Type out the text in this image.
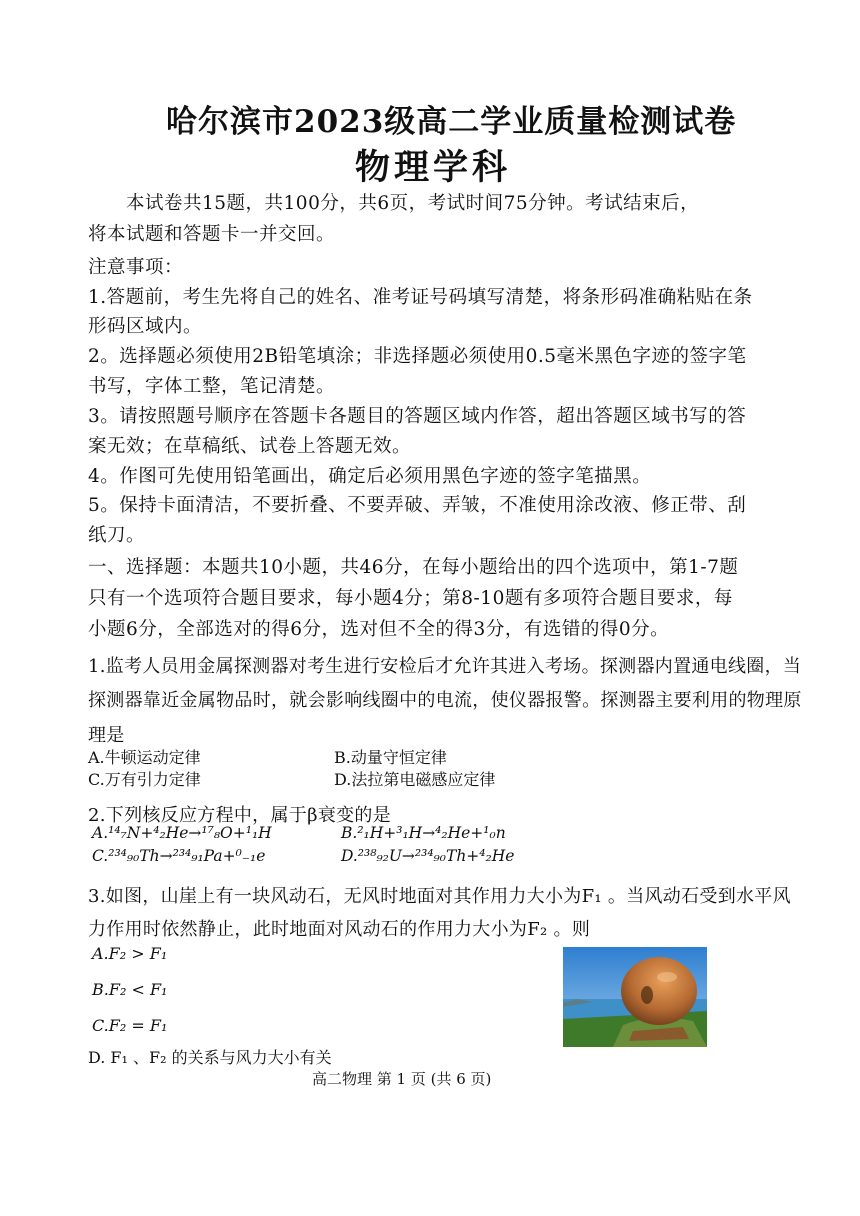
哈尔滨市2023级高二学业质量检测试卷
物理学科
本试卷共15题，共100分，共6页，考试时间75分钟。考试结束后，
将本试题和答题卡一并交回。
注意事项：
1.答题前，考生先将自己的姓名、准考证号码填写清楚，将条形码准确粘贴在条
形码区域内。
2。选择题必须使用2B铅笔填涂；非选择题必须使用0.5毫米黑色字迹的签字笔
书写，字体工整，笔记清楚。
3。请按照题号顺序在答题卡各题目的答题区域内作答，超出答题区域书写的答
案无效；在草稿纸、试卷上答题无效。
4。作图可先使用铅笔画出，确定后必须用黑色字迹的签字笔描黑。
5。保持卡面清洁，不要折叠、不要弄破、弄皱，不准使用涂改液、修正带、刮
纸刀。
一、选择题：本题共10小题，共46分，在每小题给出的四个选项中，第1-7题
只有一个选项符合题目要求，每小题4分；第8-10题有多项符合题目要求，每
小题6分，全部选对的得6分，选对但不全的得3分，有选错的得0分。
1.监考人员用金属探测器对考生进行安检后才允许其进入考场。探测器内置通电线圈，当
探测器靠近金属物品时，就会影响线圈中的电流，使仪器报警。探测器主要利用的物理原
理是
A.牛顿运动定律	B.动量守恒定律
C.万有引力定律	D.法拉第电磁感应定律
2.下列核反应方程中，属于β衰变的是
A.¹⁴₇N+⁴₂He→¹⁷₈O+¹₁H	B.²₁H+³₁H→⁴₂He+¹₀n
C.²³⁴₉₀Th→²³⁴₉₁Pa+⁰₋₁e	D.²³⁸₉₂U→²³⁴₉₀Th+⁴₂He
3.如图，山崖上有一块风动石，无风时地面对其作用力大小为F₁ 。当风动石受到水平风
力作用时依然静止，此时地面对风动石的作用力大小为F₂ 。则
A.F₂ > F₁
B.F₂ < F₁
C.F₂ = F₁
D. F₁ 、F₂ 的关系与风力大小有关
高二物理 第 1 页 (共 6 页)
